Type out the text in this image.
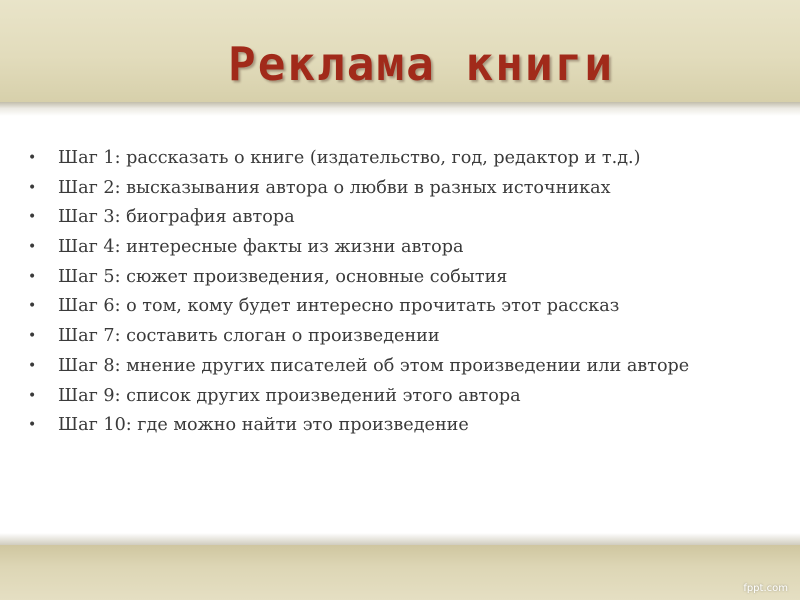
Реклама книги
• Шаг 1: рассказать о книге (издательство, год, редактор и т.д.)
• Шаг 2: высказывания автора о любви в разных источниках
• Шаг 3: биография автора
• Шаг 4: интересные факты из жизни автора
• Шаг 5: сюжет произведения, основные события
• Шаг 6: о том, кому будет интересно прочитать этот рассказ
• Шаг 7: составить слоган о произведении
• Шаг 8: мнение других писателей об этом произведении или авторе
• Шаг 9: список других произведений этого автора
• Шаг 10: где можно найти это произведение
fppt.com
